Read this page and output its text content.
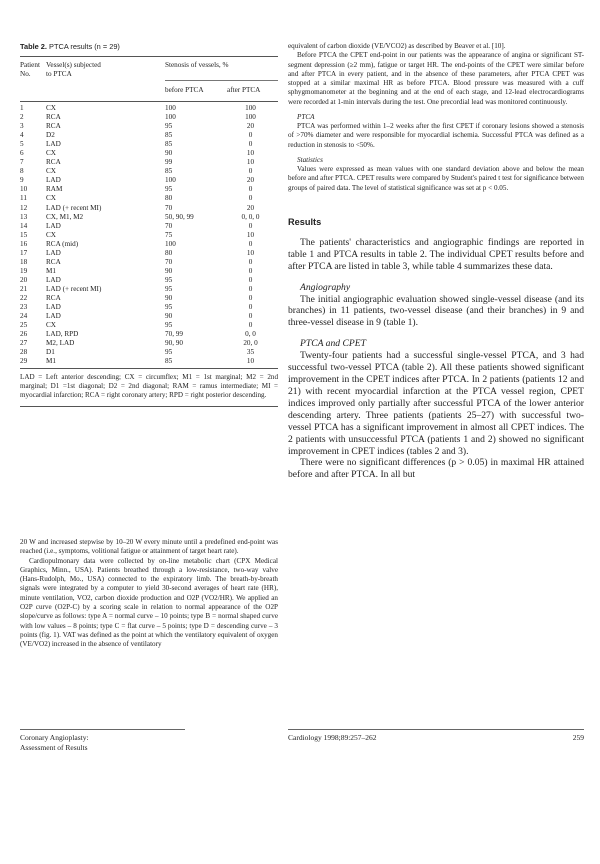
Table 2. PTCA results (n = 29)
Patient
No.
Vessel(s) subjected
to PTCA
Stenosis of vessels, %
before PTCA	after PTCA
1	CX	100	100
2	RCA	100	100
3	RCA	95	20
4	D2	85	0
5	LAD	85	0
6	CX	90	10
7	RCA	99	10
8	CX	85	0
9	LAD	100	20
10	RAM	95	0
11	CX	80	0
12	LAD (+ recent MI)	70	20
13	CX, M1, M2	50, 90, 99	0, 0, 0
14	LAD	70	0
15	CX	75	10
16	RCA (mid)	100	0
17	LAD	80	10
18	RCA	70	0
19	M1	90	0
20	LAD	95	0
21	LAD (+ recent MI)	95	0
22	RCA	90	0
23	LAD	95	0
24	LAD	90	0
25	CX	95	0
26	LAD, RPD	70, 99	0, 0
27	M2, LAD	90, 90	20, 0
28	D1	95	35
29	M1	85	10

LAD = Left anterior descending; CX = circumflex; M1 = 1st marginal; M2 = 2nd marginal; D1 =1st diagonal; D2 = 2nd diagonal; RAM = ramus intermediate; MI = myocardial infarction; RCA = right coronary artery; RPD = right posterior descending.

20 W and increased stepwise by 10–20 W every minute until a predefined end-point was reached (i.e., symptoms, volitional fatigue or attainment of target heart rate).

Cardiopulmonary data were collected by on-line metabolic chart (CPX Medical Graphics, Minn., USA). Patients breathed through a low-resistance, two-way valve (Hans-Rudolph, Mo., USA) connected to the expiratory limb. The breath-by-breath signals were integrated by a computer to yield 30-second averages of heart rate (HR), minute ventilation, VO2, carbon dioxide production and O2P (VO2/HR). We applied an O2P curve (O2P-C) by a scoring scale in relation to normal appearance of the O2P slope/curve as follows: type A = normal curve – 10 points; type B = normal shaped curve with low values – 8 points; type C = flat curve – 5 points; type D = descending curve – 3 points (fig. 1). VAT was defined as the point at which the ventilatory equivalent of oxygen (VE/VO2) increased in the absence of ventilatory

equivalent of carbon dioxide (VE/VCO2) as described by Beaver et al. [10].

Before PTCA the CPET end-point in our patients was the appearance of angina or significant ST-segment depression (≥2 mm), fatigue or target HR. The end-points of the CPET were similar before and after PTCA in every patient, and in the absence of these parameters, after PTCA CPET was stopped at a similar maximal HR as before PTCA. Blood pressure was measured with a cuff sphygmomanometer at the beginning and at the end of each stage, and 12-lead electrocardiograms were recorded at 1-min intervals during the test. One precordial lead was monitored continuously.

PTCA

PTCA was performed within 1–2 weeks after the first CPET if coronary lesions showed a stenosis of >70% diameter and were responsible for myocardial ischemia. Successful PTCA was defined as a reduction in stenosis to <50%.

Statistics

Values were expressed as mean values with one standard deviation above and below the mean before and after PTCA. CPET results were compared by Student's paired t test for significance between groups of paired data. The level of statistical significance was set at p < 0.05.

Results

The patients' characteristics and angiographic findings are reported in table 1 and PTCA results in table 2. The individual CPET results before and after PTCA are listed in table 3, while table 4 summarizes these data.

Angiography

The initial angiographic evaluation showed single-vessel disease (and its branches) in 11 patients, two-vessel disease (and their branches) in 9 and three-vessel disease in 9 (table 1).

PTCA and CPET

Twenty-four patients had a successful single-vessel PTCA, and 3 had successful two-vessel PTCA (table 2). All these patients showed significant improvement in the CPET indices after PTCA. In 2 patients (patients 12 and 21) with recent myocardial infarction at the PTCA vessel region, CPET indices improved only partially after successful PTCA of the lower anterior descending artery. Three patients (patients 25–27) with successful two-vessel PTCA has a significant improvement in almost all CPET indices. The 2 patients with unsuccessful PTCA (patients 1 and 2) showed no significant improvement in CPET indices (tables 2 and 3).

There were no significant differences (p > 0.05) in maximal HR attained before and after PTCA. In all but

Coronary Angioplasty:
Assessment of Results
Cardiology 1998;89:257–262	259
